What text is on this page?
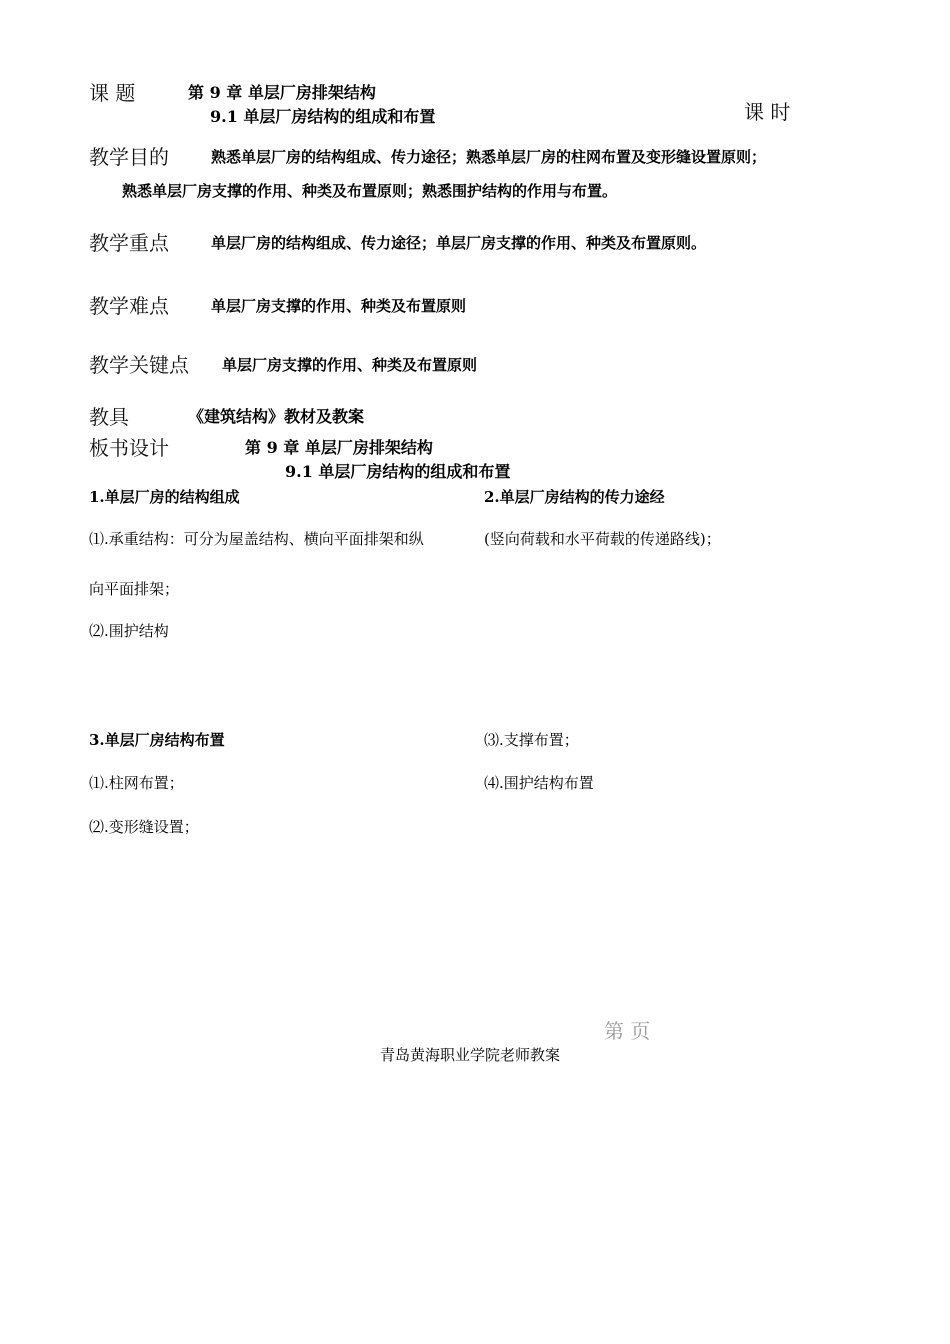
课 题	第 9 章 单层厂房排架结构
9.1 单层厂房结构的组成和布置	课 时
教学目的	熟悉单层厂房的结构组成、传力途径；熟悉单层厂房的柱网布置及变形缝设置原则；
熟悉单层厂房支撑的作用、种类及布置原则；熟悉围护结构的作用与布置。
教学重点	单层厂房的结构组成、传力途径；单层厂房支撑的作用、种类及布置原则。
教学难点	单层厂房支撑的作用、种类及布置原则
教学关键点 单层厂房支撑的作用、种类及布置原则
教具	《建筑结构》教材及教案
板书设计	第 9 章 单层厂房排架结构
9.1 单层厂房结构的组成和布置
1.单层厂房的结构组成
⑴.承重结构：可分为屋盖结构、横向平面排架和纵
向平面排架；
⑵.围护结构
2.单层厂房结构的传力途经
(竖向荷载和水平荷载的传递路线)；
3.单层厂房结构布置
⑴.柱网布置；
⑵.变形缝设置；
⑶.支撑布置；
⑷.围护结构布置
第 页
青岛黄海职业学院老师教案
